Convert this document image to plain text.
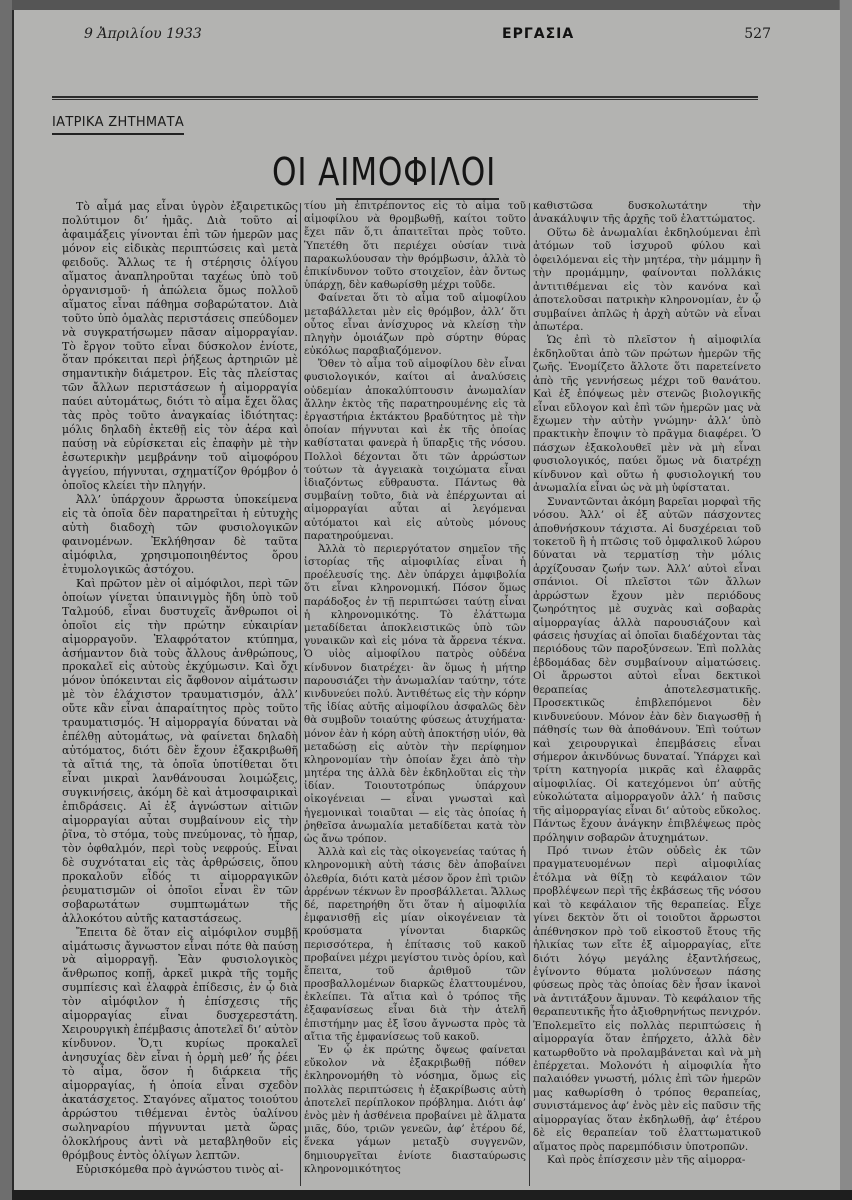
9 Ἀπριλίου 1933	ΕΡΓΑΣΙΑ	527
ΙΑΤΡΙΚΑ ΖΗΤΗΜΑΤΑ
ΟΙ ΑΙΜΟΦΙΛΟΙ

Τὸ αἷμά μας εἶναι ὑγρὸν ἐξαιρετικῶς πολύτιμον δι’ ἡμᾶς. Διὰ τοῦτο αἱ ἀφαιμάξεις γίνονται ἐπὶ τῶν ἡμερῶν μας μόνον εἰς εἰδικὰς περιπτώσεις καὶ μετὰ φειδοῦς. Ἄλλως τε ἡ στέρησις ὀλίγου αἵματος ἀναπληροῦται ταχέως ὑπὸ τοῦ ὀργανισμοῦ· ἡ ἀπώλεια ὅμως πολλοῦ αἵματος εἶναι πάθημα σοβαρώτατον. Διὰ τοῦτο ὑπὸ ὁμαλὰς περιστάσεις σπεύδομεν νὰ συγκρατήσωμεν πᾶσαν αἱμορραγίαν. Τὸ ἔργον τοῦτο εἶναι δύσκολον ἐνίοτε, ὅταν πρόκειται περὶ ῥήξεως ἀρτηριῶν μὲ σημαντικὴν διάμετρον. Εἰς τὰς πλείστας τῶν ἄλλων περιστάσεων ἡ αἱμορραγία παύει αὐτομάτως, διότι τὸ αἷμα ἔχει ὅλας τὰς πρὸς τοῦτο ἀναγκαίας ἰδιότητας: μόλις δηλαδὴ ἐκτεθῇ εἰς τὸν ἀέρα καὶ παύσῃ νὰ εὑρίσκεται εἰς ἐπαφὴν μὲ τὴν ἐσωτερικὴν μεμβράνην τοῦ αἱμοφόρου ἀγγείου, πήγνυται, σχηματίζον θρόμβον ὁ ὁποῖος κλείει τὴν πληγήν.

Ἀλλ’ ὑπάρχουν ἄρρωστα ὑποκείμενα εἰς τὰ ὁποῖα δὲν παρατηρεῖται ἡ εὐτυχὴς αὐτὴ διαδοχὴ τῶν φυσιολογικῶν φαινομένων. Ἐκλήθησαν δὲ ταῦτα αἱμόφιλα, χρησιμοποιηθέντος ὅρου ἐτυμολογικῶς ἀστόχου.

Καὶ πρῶτον μὲν οἱ αἱμόφιλοι, περὶ τῶν ὁποίων γίνεται ὑπαινιγμὸς ἤδη ὑπὸ τοῦ Ταλμούδ, εἶναι δυστυχεῖς ἄνθρωποι οἱ ὁποῖοι εἰς τὴν πρώτην εὐκαιρίαν αἱμορραγοῦν. Ἐλαφρότατον κτύπημα, ἀσήμαντον διὰ τοὺς ἄλλους ἀνθρώπους, προκαλεῖ εἰς αὐτοὺς ἐκχύμωσιν. Καὶ ὄχι μόνον ὑπόκεινται εἰς ἄφθονον αἱμάτωσιν μὲ τὸν ἐλάχιστον τραυματισμόν, ἀλλ’ οὔτε κἂν εἶναι ἀπαραίτητος πρὸς τοῦτο τραυματισμός. Ἡ αἱμορραγία δύναται νὰ ἐπέλθῃ αὐτομάτως, νὰ φαίνεται δηλαδὴ αὐτόματος, διότι δὲν ἔχουν ἐξακριβωθῆ τὰ αἴτιά της, τὰ ὁποῖα ὑποτίθεται ὅτι εἶναι μικραὶ λανθάνουσαι λοιμώξεις, συγκινήσεις, ἀκόμη δὲ καὶ ἀτμοσφαιρικαὶ ἐπιδράσεις. Αἱ ἐξ ἀγνώστων αἰτιῶν αἱμορραγίαι αὗται συμβαίνουν εἰς τὴν ῥῖνα, τὸ στόμα, τοὺς πνεύμονας, τὸ ἧπαρ, τὸν ὀφθαλμόν, περὶ τοὺς νεφρούς. Εἶναι δὲ συχνόταται εἰς τὰς ἀρθρώσεις, ὅπου προκαλοῦν εἶδός τι αἱμορραγικῶν ῥευματισμῶν οἱ ὁποῖοι εἶναι ἓν τῶν σοβαρωτάτων συμπτωμάτων τῆς ἀλλοκότου αὐτῆς καταστάσεως.

Ἔπειτα δὲ ὅταν εἰς αἱμόφιλον συμβῇ αἱμάτωσις ἄγνωστον εἶναι πότε θὰ παύσῃ νὰ αἱμορραγῇ. Ἐὰν φυσιολογικὸς ἄνθρωπος κοπῇ, ἀρκεῖ μικρὰ τῆς τομῆς συμπίεσις καὶ ἐλαφρὰ ἐπίδεσις, ἐν ᾧ διὰ τὸν αἱμόφιλον ἡ ἐπίσχεσις τῆς αἱμορραγίας εἶναι δυσχερεστάτη. Χειρουργικὴ ἐπέμβασις ἀποτελεῖ δι’ αὐτὸν κίνδυνον. Ὅ,τι κυρίως προκαλεῖ ἀνησυχίας δὲν εἶναι ἡ ὁρμὴ μεθ’ ἧς ῥέει τὸ αἷμα, ὅσον ἡ διάρκεια τῆς αἱμορραγίας, ἡ ὁποία εἶναι σχεδὸν ἀκατάσχετος. Σταγόνες αἵματος τοιούτου ἀρρώστου τιθέμεναι ἐντὸς ὑαλίνου σωληναρίου πήγνυνται μετὰ ὥρας ὁλοκλήρους ἀντὶ νὰ μεταβληθοῦν εἰς θρόμβους ἐντὸς ὀλίγων λεπτῶν.

Εὑρισκόμεθα πρὸ ἀγνώστου τινὸς αἰ-

τίου μὴ ἐπιτρέποντος εἰς τὸ αἷμα τοῦ αἱμοφίλου νὰ θρομβωθῇ, καίτοι τοῦτο ἔχει πᾶν ὅ,τι ἀπαιτεῖται πρὸς τοῦτο. Ὑπετέθη ὅτι περιέχει οὐσίαν τινὰ παρακωλύουσαν τὴν θρόμβωσιν, ἀλλὰ τὸ ἐπικίνδυνον τοῦτο στοιχεῖον, ἐὰν ὄντως ὑπάρχῃ, δὲν καθωρίσθη μέχρι τοῦδε.

Φαίνεται ὅτι τὸ αἷμα τοῦ αἱμοφίλου μεταβάλλεται μὲν εἰς θρόμβον, ἀλλ’ ὅτι οὗτος εἶναι ἀνίσχυρος νὰ κλείσῃ τὴν πληγὴν ὁμοιάζων πρὸ σύρτην θύρας εὐκόλως παραβιαζόμενον.

Ὅθεν τὸ αἷμα τοῦ αἱμοφίλου δὲν εἶναι φυσιολογικόν, καίτοι αἱ ἀναλύσεις οὐδεμίαν ἀποκαλύπτουσιν ἀνωμαλίαν ἄλλην ἐκτὸς τῆς παρατηρουμένης εἰς τὰ ἐργαστήρια ἐκτάκτου βραδύτητος μὲ τὴν ὁποίαν πήγνυται καὶ ἐκ τῆς ὁποίας καθίσταται φανερὰ ἡ ὕπαρξις τῆς νόσου. Πολλοὶ δέχονται ὅτι τῶν ἀρρώστων τούτων τὰ ἀγγειακὰ τοιχώματα εἶναι ἰδιαζόντως εὔθραυστα. Πάντως θὰ συμβαίνῃ τοῦτο, διὰ νὰ ἐπέρχωνται αἱ αἱμορραγίαι αὗται αἱ λεγόμεναι αὐτόματοι καὶ εἰς αὐτοὺς μόνους παρατηρούμεναι.

Ἀλλὰ τὸ περιεργότατον σημεῖον τῆς ἱστορίας τῆς αἱμοφιλίας εἶναι ἡ προέλευσίς της. Δὲν ὑπάρχει ἀμφιβολία ὅτι εἶναι κληρονομική. Πόσον ὅμως παράδοξος ἐν τῇ περιπτώσει ταύτῃ εἶναι ἡ κληρονομικότης. Τὸ ἐλάττωμα μεταδίδεται ἀποκλειστικῶς ὑπὸ τῶν γυναικῶν καὶ εἰς μόνα τὰ ἄρρενα τέκνα. Ὁ υἱὸς αἱμοφίλου πατρὸς οὐδένα κίνδυνον διατρέχει· ἂν ὅμως ἡ μήτηρ παρουσιάζει τὴν ἀνωμαλίαν ταύτην, τότε κινδυνεύει πολύ. Ἀντιθέτως εἰς τὴν κόρην τῆς ἰδίας αὐτῆς αἱμοφίλου ἀσφαλῶς δὲν θὰ συμβοῦν τοιαύτης φύσεως ἀτυχήματα· μόνον ἐὰν ἡ κόρη αὐτὴ ἀποκτήσῃ υἱόν, θὰ μεταδώσῃ εἰς αὐτὸν τὴν περίφημον κληρονομίαν τὴν ὁποίαν ἔχει ἀπὸ τὴν μητέρα της ἀλλὰ δὲν ἐκδηλοῦται εἰς τὴν ἰδίαν. Τοιουτοτρόπως ὑπάρχουν οἰκογένειαι — εἶναι γνωσταὶ καὶ ἡγεμονικαὶ τοιαῦται — εἰς τὰς ὁποίας ἡ ῥηθεῖσα ἀνωμαλία μεταδίδεται κατὰ τὸν ὡς ἄνω τρόπον.

Ἀλλὰ καὶ εἰς τὰς οἰκογενείας ταύτας ἡ κληρονομικὴ αὐτὴ τάσις δὲν ἀποβαίνει ὀλεθρία, διότι κατὰ μέσον ὅρον ἐπὶ τριῶν ἀρρένων τέκνων ἓν προσβάλλεται. Ἄλλως δέ, παρετηρήθη ὅτι ὅταν ἡ αἱμοφιλία ἐμφανισθῇ εἰς μίαν οἰκογένειαν τὰ κρούσματα γίνονται διαρκῶς περισσότερα, ἡ ἐπίτασις τοῦ κακοῦ προβαίνει μέχρι μεγίστου τινὸς ὁρίου, καὶ ἔπειτα, τοῦ ἀριθμοῦ τῶν προσβαλλομένων διαρκῶς ἐλαττουμένου, ἐκλείπει. Τὰ αἴτια καὶ ὁ τρόπος τῆς ἐξαφανίσεως εἶναι διὰ τὴν ἀτελῆ ἐπιστήμην μας ἐξ ἴσου ἄγνωστα πρὸς τὰ αἴτια τῆς ἐμφανίσεως τοῦ κακοῦ.

Ἐν ᾧ ἐκ πρώτης ὄψεως φαίνεται εὔκολον νὰ ἐξακριβωθῇ πόθεν ἐκληρονομήθη τὸ νόσημα, ὅμως εἰς πολλὰς περιπτώσεις ἡ ἐξακρίβωσις αὐτὴ ἀποτελεῖ περίπλοκον πρόβλημα. Διότι ἀφ’ ἑνὸς μὲν ἡ ἀσθένεια προβαίνει μὲ ἅλματα μιᾶς, δύο, τριῶν γενεῶν, ἀφ’ ἑτέρου δέ, ἕνεκα γάμων μεταξὺ συγγενῶν, δημιουργεῖται ἐνίοτε διασταύρωσις κληρονομικότητος

καθιστῶσα δυσκολωτάτην τὴν ἀνακάλυψιν τῆς ἀρχῆς τοῦ ἐλαττώματος.

Οὕτω δὲ ἀνωμαλίαι ἐκδηλούμεναι ἐπὶ ἀτόμων τοῦ ἰσχυροῦ φύλου καὶ ὀφειλόμεναι εἰς τὴν μητέρα, τὴν μάμμην ἢ τὴν προμάμμην, φαίνονται πολλάκις ἀντιτιθέμεναι εἰς τὸν κανόνα καὶ ἀποτελοῦσαι πατρικὴν κληρονομίαν, ἐν ᾧ συμβαίνει ἁπλῶς ἡ ἀρχὴ αὐτῶν νὰ εἶναι ἀπωτέρα.

Ὡς ἐπὶ τὸ πλεῖστον ἡ αἱμοφιλία ἐκδηλοῦται ἀπὸ τῶν πρώτων ἡμερῶν τῆς ζωῆς. Ἐνομίζετο ἄλλοτε ὅτι παρετείνετο ἀπὸ τῆς γεννήσεως μέχρι τοῦ θανάτου. Καὶ ἐξ ἐπόψεως μὲν στενῶς βιολογικῆς εἶναι εὔλογον καὶ ἐπὶ τῶν ἡμερῶν μας νὰ ἔχωμεν τὴν αὐτὴν γνώμην· ἀλλ’ ὑπὸ πρακτικὴν ἔποψιν τὸ πρᾶγμα διαφέρει. Ὁ πάσχων ἐξακολουθεῖ μὲν νὰ μὴ εἶναι φυσιολογικός, παύει ὅμως νὰ διατρέχῃ κίνδυνον καὶ οὕτω ἡ φυσιολογική του ἀνωμαλία εἶναι ὡς νὰ μὴ ὑφίσταται.

Συναντῶνται ἀκόμη βαρεῖαι μορφαὶ τῆς νόσου. Ἀλλ’ οἱ ἐξ αὐτῶν πάσχοντες ἀποθνήσκουν τάχιστα. Αἱ δυσχέρειαι τοῦ τοκετοῦ ἢ ἡ πτῶσις τοῦ ὀμφαλικοῦ λώρου δύναται νὰ τερματίσῃ τὴν μόλις ἀρχίζουσαν ζωήν των. Ἀλλ’ αὐτοὶ εἶναι σπάνιοι. Οἱ πλεῖστοι τῶν ἄλλων ἀρρώστων ἔχουν μὲν περιόδους ζωηρότητος μὲ συχνὰς καὶ σοβαρὰς αἱμορραγίας ἀλλὰ παρουσιάζουν καὶ φάσεις ἡσυχίας αἱ ὁποῖαι διαδέχονται τὰς περιόδους τῶν παροξύνσεων. Ἐπὶ πολλὰς ἑβδομάδας δὲν συμβαίνουν αἱματώσεις. Οἱ ἄρρωστοι αὐτοὶ εἶναι δεκτικοὶ θεραπείας ἀποτελεσματικῆς. Προσεκτικῶς ἐπιβλεπόμενοι δὲν κινδυνεύουν. Μόνον ἐὰν δὲν διαγωσθῇ ἡ πάθησίς των θὰ ἀποθάνουν. Ἐπὶ τούτων καὶ χειρουργικαὶ ἐπεμβάσεις εἶναι σήμερον ἀκινδύνως δυναταί. Ὑπάρχει καὶ τρίτη κατηγορία μικρᾶς καὶ ἐλαφρᾶς αἱμοφιλίας. Οἱ κατεχόμενοι ὑπ’ αὐτῆς εὐκολώτατα αἱμορραγοῦν ἀλλ’ ἡ παῦσις τῆς αἱμορραγίας εἶναι δι’ αὐτοὺς εὔκολος. Πάντως ἔχουν ἀνάγκην ἐπιβλέψεως πρὸς πρόληψιν σοβαρῶν ἀτυχημάτων.

Πρό τινων ἐτῶν οὐδεὶς ἐκ τῶν πραγματευομένων περὶ αἱμοφιλίας ἐτόλμα νὰ θίξῃ τὸ κεφάλαιον τῶν προβλέψεων περὶ τῆς ἐκβάσεως τῆς νόσου καὶ τὸ κεφάλαιον τῆς θεραπείας. Εἶχε γίνει δεκτὸν ὅτι οἱ τοιοῦτοι ἄρρωστοι ἀπέθνησκον πρὸ τοῦ εἰκοστοῦ ἔτους τῆς ἡλικίας των εἴτε ἐξ αἱμορραγίας, εἴτε διότι λόγῳ μεγάλης ἐξαντλήσεως, ἐγίνοντο θύματα μολύνσεων πάσης φύσεως πρὸς τὰς ὁποίας δὲν ἦσαν ἱκανοὶ νὰ ἀντιτάξουν ἄμυναν. Τὸ κεφάλαιον τῆς θεραπευτικῆς ἦτο ἀξιοθρηνήτως πενιχρόν. Ἐπολεμεῖτο εἰς πολλὰς περιπτώσεις ἡ αἱμορραγία ὅταν ἐπήρχετο, ἀλλὰ δὲν κατωρθοῦτο νὰ προλαμβάνεται καὶ νὰ μὴ ἐπέρχεται. Μολονότι ἡ αἱμοφιλία ἦτο παλαιόθεν γνωστή, μόλις ἐπὶ τῶν ἡμερῶν μας καθωρίσθη ὁ τρόπος θεραπείας, συνιστάμενος ἀφ’ ἑνὸς μὲν εἰς παῦσιν τῆς αἱμορραγίας ὅταν ἐκδηλωθῇ, ἀφ’ ἑτέρου δὲ εἰς θεραπείαν τοῦ ἐλαττωματικοῦ αἵματος πρὸς παρεμπόδισιν ὑποτροπῶν.

Καὶ πρὸς ἐπίσχεσιν μὲν τῆς αἱμορρα-
